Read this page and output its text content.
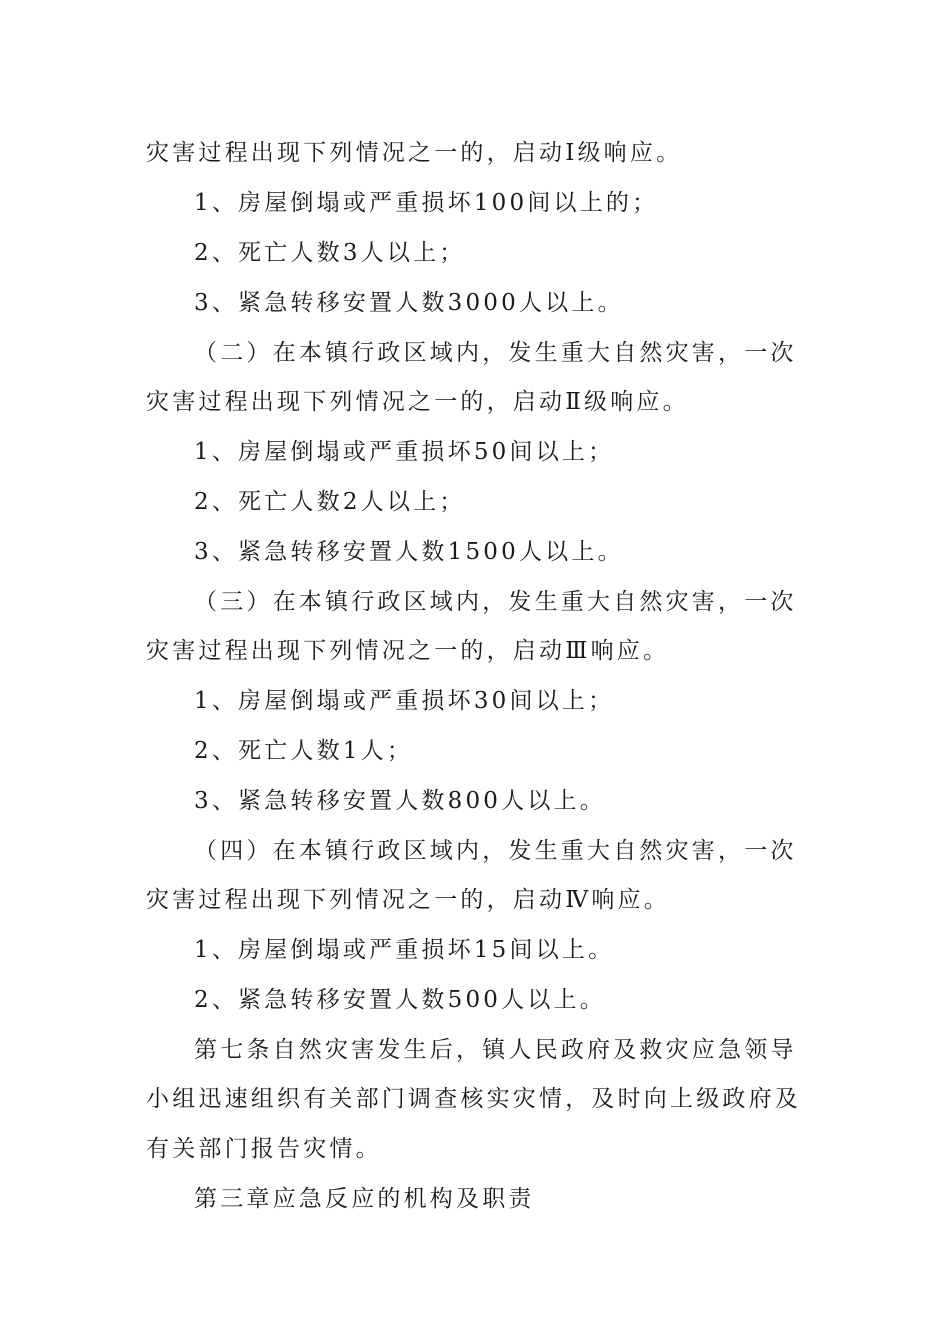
灾害过程出现下列情况之一的，启动Ⅰ级响应。
1、房屋倒塌或严重损坏100间以上的；
2、死亡人数3人以上；
3、紧急转移安置人数3000人以上。
（二）在本镇行政区域内，发生重大自然灾害，一次
灾害过程出现下列情况之一的，启动Ⅱ级响应。
1、房屋倒塌或严重损坏50间以上；
2、死亡人数2人以上；
3、紧急转移安置人数1500人以上。
（三）在本镇行政区域内，发生重大自然灾害，一次
灾害过程出现下列情况之一的，启动Ⅲ响应。
1、房屋倒塌或严重损坏30间以上；
2、死亡人数1人；
3、紧急转移安置人数800人以上。
（四）在本镇行政区域内，发生重大自然灾害，一次
灾害过程出现下列情况之一的，启动Ⅳ响应。
1、房屋倒塌或严重损坏15间以上。
2、紧急转移安置人数500人以上。
第七条自然灾害发生后，镇人民政府及救灾应急领导
小组迅速组织有关部门调查核实灾情，及时向上级政府及
有关部门报告灾情。
第三章应急反应的机构及职责
